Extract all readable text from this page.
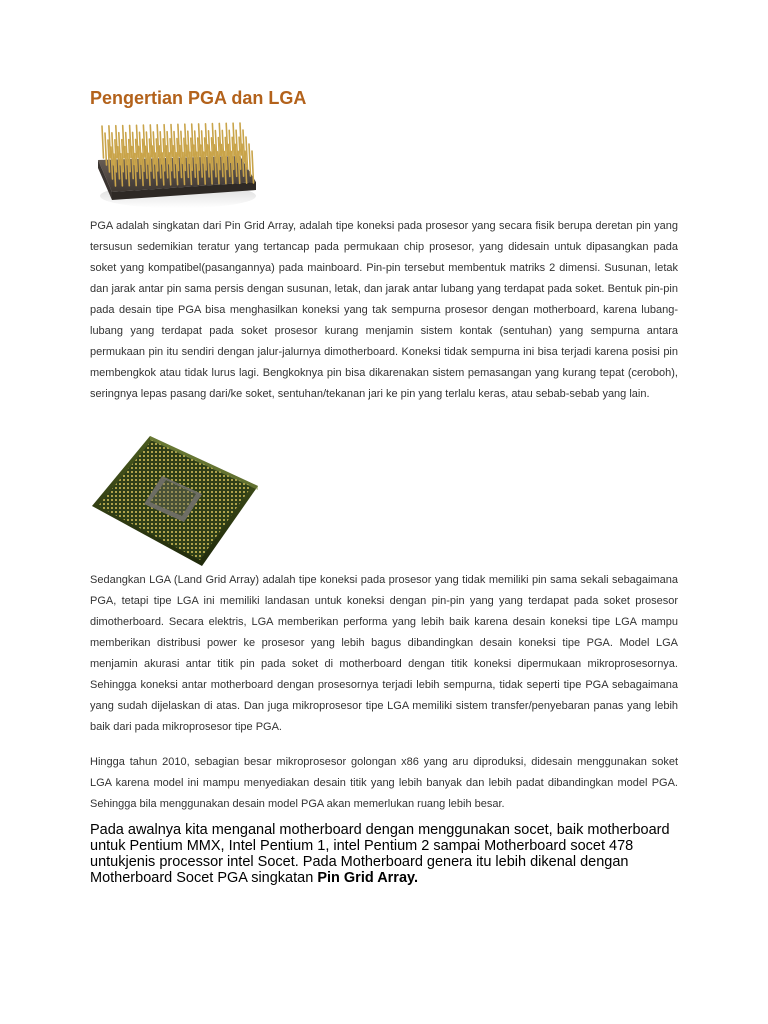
Pengertian PGA dan LGA

PGA adalah singkatan dari Pin Grid Array, adalah tipe koneksi pada prosesor yang secara fisik berupa deretan pin yang tersusun sedemikian teratur yang tertancap pada permukaan chip prosesor, yang didesain untuk dipasangkan pada soket yang kompatibel(pasangannya) pada mainboard. Pin-pin tersebut membentuk matriks 2 dimensi. Susunan, letak dan jarak antar pin sama persis dengan susunan, letak, dan jarak antar lubang yang terdapat pada soket. Bentuk pin-pin pada desain tipe PGA bisa menghasilkan koneksi yang tak sempurna prosesor dengan motherboard, karena lubang-lubang yang terdapat pada soket prosesor kurang menjamin sistem kontak (sentuhan) yang sempurna antara permukaan pin itu sendiri dengan jalur-jalurnya dimotherboard. Koneksi tidak sempurna ini bisa terjadi karena posisi pin membengkok atau tidak lurus lagi. Bengkoknya pin bisa dikarenakan sistem pemasangan yang kurang tepat (ceroboh), seringnya lepas pasang dari/ke soket, sentuhan/tekanan jari ke pin yang terlalu keras, atau sebab-sebab yang lain.

Sedangkan LGA (Land Grid Array) adalah tipe koneksi pada prosesor yang tidak memiliki pin sama sekali sebagaimana PGA, tetapi tipe LGA ini memiliki landasan untuk koneksi dengan pin-pin yang yang terdapat pada soket prosesor dimotherboard. Secara elektris, LGA memberikan performa yang lebih baik karena desain koneksi tipe LGA mampu memberikan distribusi power ke prosesor yang lebih bagus dibandingkan desain koneksi tipe PGA. Model LGA menjamin akurasi antar titik pin pada soket di motherboard dengan titik koneksi dipermukaan mikroprosesornya. Sehingga koneksi antar motherboard dengan prosesornya terjadi lebih sempurna, tidak seperti tipe PGA sebagaimana yang sudah dijelaskan di atas. Dan juga mikroprosesor tipe LGA memiliki sistem transfer/penyebaran panas yang lebih baik dari pada mikroprosesor tipe PGA.

Hingga tahun 2010, sebagian besar mikroprosesor golongan x86 yang aru diproduksi, didesain menggunakan soket LGA karena model ini mampu menyediakan desain titik yang lebih banyak dan lebih padat dibandingkan model PGA. Sehingga bila menggunakan desain model PGA akan memerlukan ruang lebih besar.

Pada awalnya kita menganal motherboard dengan menggunakan socet, baik motherboard untuk Pentium MMX, Intel Pentium 1, intel Pentium 2 sampai Motherboard socet 478 untukjenis processor intel Socet. Pada Motherboard genera itu lebih dikenal dengan Motherboard Socet PGA singkatan Pin Grid Array.
